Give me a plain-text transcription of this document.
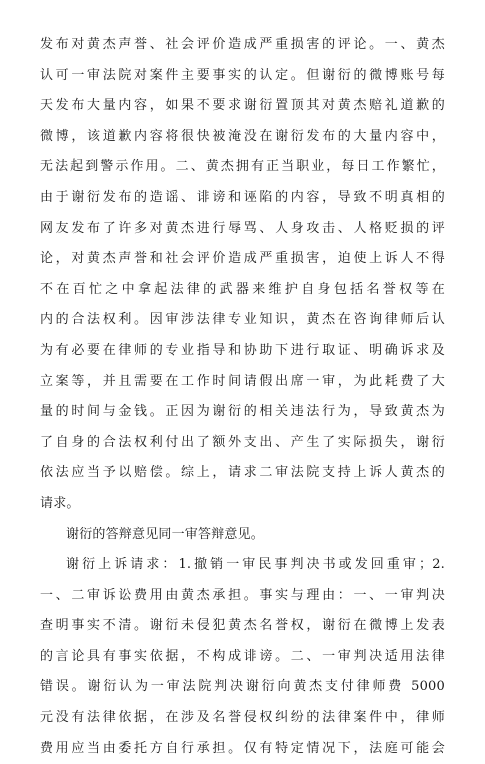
发布对黄杰声誉、社会评价造成严重损害的评论。一、黄杰
认可一审法院对案件主要事实的认定。但谢衍的微博账号每
天发布大量内容，如果不要求谢衍置顶其对黄杰赔礼道歉的
微博，该道歉内容将很快被淹没在谢衍发布的大量内容中，
无法起到警示作用。二、黄杰拥有正当职业，每日工作繁忙，
由于谢衍发布的造谣、诽谤和诬陷的内容，导致不明真相的
网友发布了许多对黄杰进行辱骂、人身攻击、人格贬损的评
论，对黄杰声誉和社会评价造成严重损害，迫使上诉人不得
不在百忙之中拿起法律的武器来维护自身包括名誉权等在
内的合法权利。因审涉法律专业知识，黄杰在咨询律师后认
为有必要在律师的专业指导和协助下进行取证、明确诉求及
立案等，并且需要在工作时间请假出席一审，为此耗费了大
量的时间与金钱。正因为谢衍的相关违法行为，导致黄杰为
了自身的合法权利付出了额外支出、产生了实际损失，谢衍
依法应当予以赔偿。综上，请求二审法院支持上诉人黄杰的
请求。
谢衍的答辩意见同一审答辩意见。
谢衍上诉请求：1.撤销一审民事判决书或发回重审；2.
一、二审诉讼费用由黄杰承担。事实与理由：一、一审判决
查明事实不清。谢衍未侵犯黄杰名誉权，谢衍在微博上发表
的言论具有事实依据，不构成诽谤。二、一审判决适用法律
错误。谢衍认为一审法院判决谢衍向黄杰支付律师费 5000
元没有法律依据，在涉及名誉侵权纠纷的法律案件中，律师
费用应当由委托方自行承担。仅有特定情况下，法庭可能会
